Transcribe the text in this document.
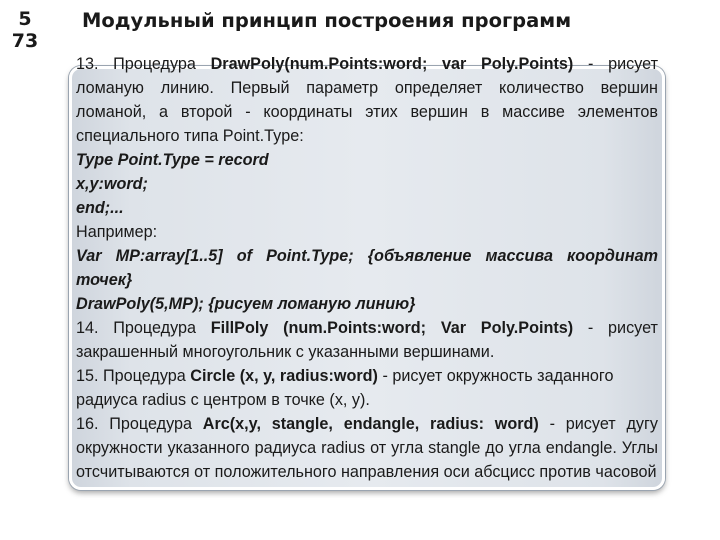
5
73
Модульный принцип построения программ

13. Процедура DrawPoly(num.Points:word; var Poly.Points) - рисует ломаную линию. Первый параметр определяет количество вершин ломаной, а второй - координаты этих вершин в массиве элементов специального типа Point.Type:

Type Point.Type = record

x,y:word;

end;...

Например:

Var MP:array[1..5] of Point.Type; {объявление массива координат точек}

DrawPoly(5,MP); {рисуем ломаную линию}

14. Процедура FillPoly (num.Points:word; Var Poly.Points) - рисует закрашенный многоугольник с указанными вершинами.

15. Процедура Circle (x, y, radius:word) - рисует окружность заданного

радиуса radius с центром в точке (x, y).

16. Процедура Arc(x,y, stangle, endangle, radius: word) - рисует дугу окружности указанного радиуса radius от угла stangle до угла endangle. Углы отсчитываются от положительного направления оси абсцисс против часовой
